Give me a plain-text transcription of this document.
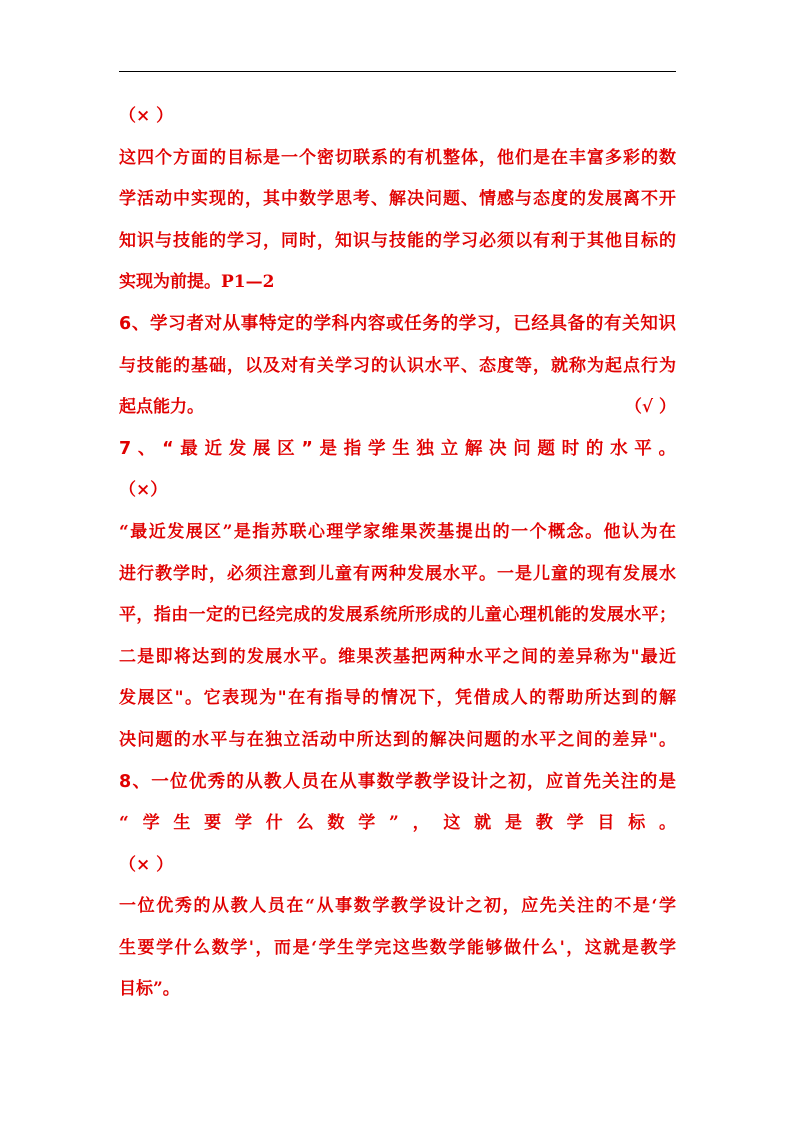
（× ）
这四个方面的目标是一个密切联系的有机整体，他们是在丰富多彩的数
学活动中实现的，其中数学思考、解决问题、情感与态度的发展离不开
知识与技能的学习，同时，知识与技能的学习必须以有利于其他目标的
实现为前提。P1—2
6、学习者对从事特定的学科内容或任务的学习，已经具备的有关知识
与技能的基础，以及对有关学习的认识水平、态度等，就称为起点行为
起点能力。	（√ ）
7、“最近发展区”是指学生独立解决问题时的水平。
（×）
“最近发展区”是指苏联心理学家维果茨基提出的一个概念。他认为在
进行教学时，必须注意到儿童有两种发展水平。一是儿童的现有发展水
平，指由一定的已经完成的发展系统所形成的儿童心理机能的发展水平；
二是即将达到的发展水平。维果茨基把两种水平之间的差异称为"最近
发展区"。它表现为"在有指导的情况下，凭借成人的帮助所达到的解
决问题的水平与在独立活动中所达到的解决问题的水平之间的差异"。
8、一位优秀的从教人员在从事数学教学设计之初，应首先关注的是
“学生要学什么数学”，这就是教学目标。
（× ）
一位优秀的从教人员在“从事数学教学设计之初，应先关注的不是‘学
生要学什么数学'，而是‘学生学完这些数学能够做什么'，这就是教学
目标”。
